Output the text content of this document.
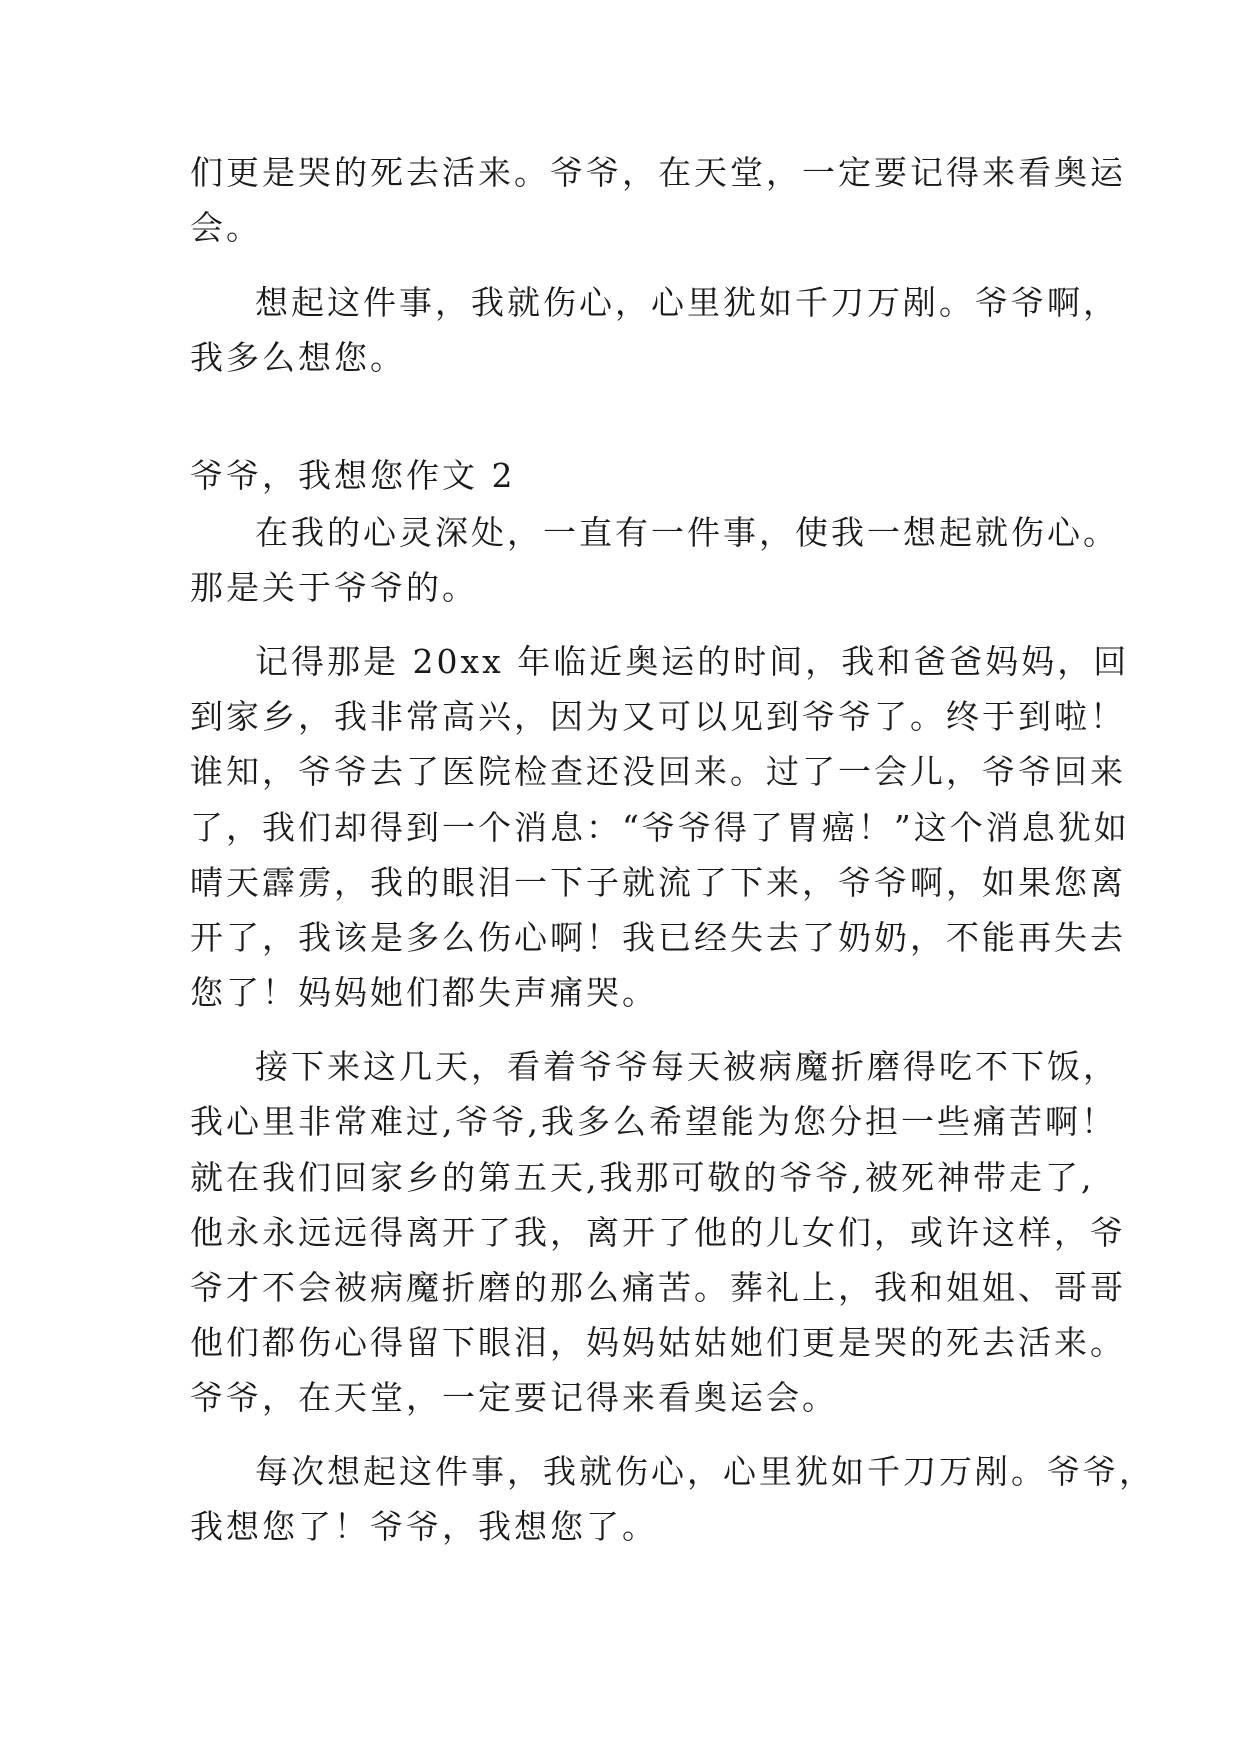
们更是哭的死去活来。爷爷，在天堂，一定要记得来看奥运
会。
想起这件事，我就伤心，心里犹如千刀万剐。爷爷啊，
我多么想您。
爷爷，我想您作文 2
在我的心灵深处，一直有一件事，使我一想起就伤心。
那是关于爷爷的。
记得那是 20xx 年临近奥运的时间，我和爸爸妈妈，回
到家乡，我非常高兴，因为又可以见到爷爷了。终于到啦！
谁知，爷爷去了医院检查还没回来。过了一会儿，爷爷回来
了，我们却得到一个消息：“爷爷得了胃癌！”这个消息犹如
晴天霹雳，我的眼泪一下子就流了下来，爷爷啊，如果您离
开了，我该是多么伤心啊！我已经失去了奶奶，不能再失去
您了！妈妈她们都失声痛哭。
接下来这几天，看着爷爷每天被病魔折磨得吃不下饭，
我心里非常难过,爷爷,我多么希望能为您分担一些痛苦啊！
就在我们回家乡的第五天,我那可敬的爷爷,被死神带走了,
他永永远远得离开了我，离开了他的儿女们，或许这样，爷
爷才不会被病魔折磨的那么痛苦。葬礼上，我和姐姐、哥哥
他们都伤心得留下眼泪，妈妈姑姑她们更是哭的死去活来。
爷爷，在天堂，一定要记得来看奥运会。
每次想起这件事，我就伤心，心里犹如千刀万剐。爷爷，
我想您了！爷爷，我想您了。
